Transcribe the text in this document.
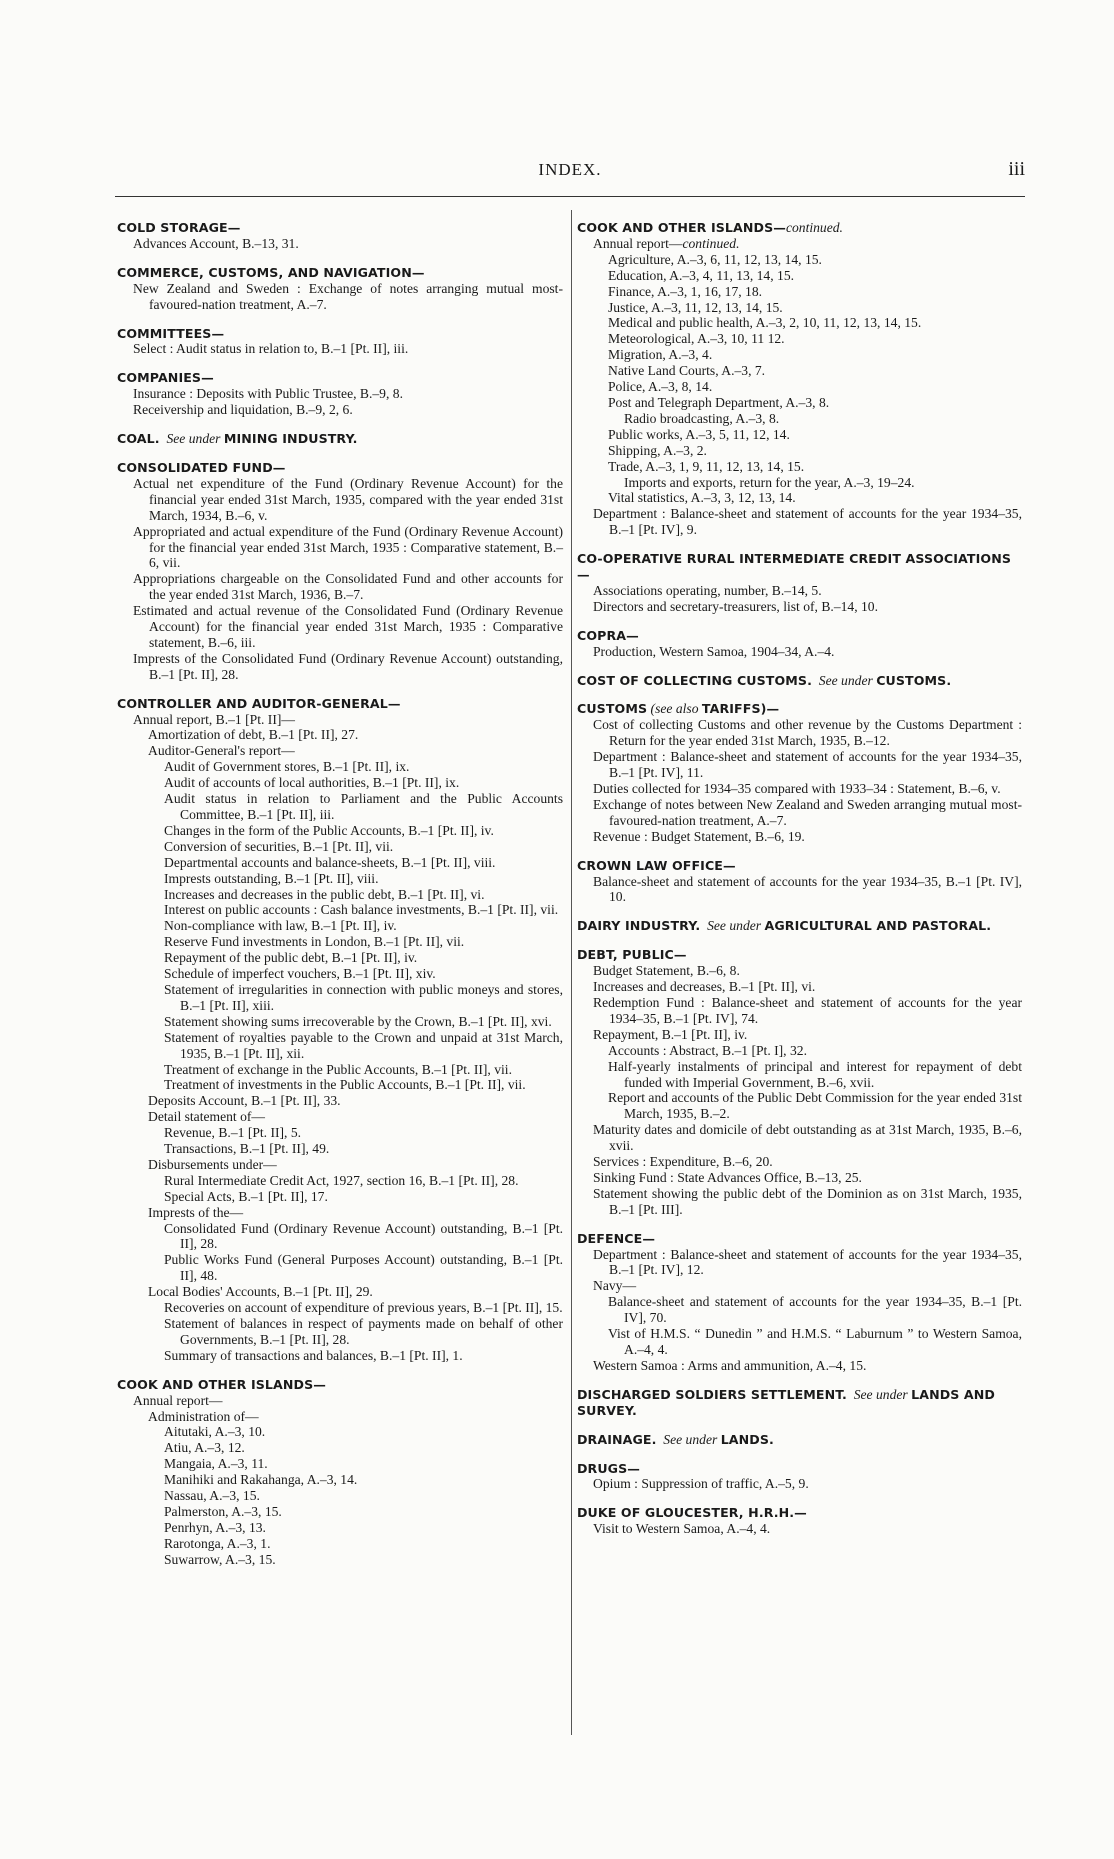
INDEX.	iii
COLD STORAGE—
Advances Account, B.–13, 31.
COMMERCE, CUSTOMS, AND NAVIGATION—
New Zealand and Sweden : Exchange of notes arranging mutual most-favoured-nation treatment, A.–7.
COMMITTEES—
Select : Audit status in relation to, B.–1 [Pt. II], iii.
COMPANIES—
Insurance : Deposits with Public Trustee, B.–9, 8.
Receivership and liquidation, B.–9, 2, 6.
COAL. See under MINING INDUSTRY.
CONSOLIDATED FUND—
Actual net expenditure of the Fund (Ordinary Revenue Account) for the financial year ended 31st March, 1935, compared with the year ended 31st March, 1934, B.–6, v.
Appropriated and actual expenditure of the Fund (Ordinary Revenue Account) for the financial year ended 31st March, 1935 : Comparative statement, B.–6, vii.
Appropriations chargeable on the Consolidated Fund and other accounts for the year ended 31st March, 1936, B.–7.
Estimated and actual revenue of the Consolidated Fund (Ordinary Revenue Account) for the financial year ended 31st March, 1935 : Comparative statement, B.–6, iii.
Imprests of the Consolidated Fund (Ordinary Revenue Account) outstanding, B.–1 [Pt. II], 28.
CONTROLLER AND AUDITOR-GENERAL—
Annual report, B.–1 [Pt. II]—
Amortization of debt, B.–1 [Pt. II], 27.
Auditor-General's report—
Audit of Government stores, B.–1 [Pt. II], ix.
Audit of accounts of local authorities, B.–1 [Pt. II], ix.
Audit status in relation to Parliament and the Public Accounts Committee, B.–1 [Pt. II], iii.
Changes in the form of the Public Accounts, B.–1 [Pt. II], iv.
Conversion of securities, B.–1 [Pt. II], vii.
Departmental accounts and balance-sheets, B.–1 [Pt. II], viii.
Imprests outstanding, B.–1 [Pt. II], viii.
Increases and decreases in the public debt, B.–1 [Pt. II], vi.
Interest on public accounts : Cash balance investments, B.–1 [Pt. II], vii.
Non-compliance with law, B.–1 [Pt. II], iv.
Reserve Fund investments in London, B.–1 [Pt. II], vii.
Repayment of the public debt, B.–1 [Pt. II], iv.
Schedule of imperfect vouchers, B.–1 [Pt. II], xiv.
Statement of irregularities in connection with public moneys and stores, B.–1 [Pt. II], xiii.
Statement showing sums irrecoverable by the Crown, B.–1 [Pt. II], xvi.
Statement of royalties payable to the Crown and unpaid at 31st March, 1935, B.–1 [Pt. II], xii.
Treatment of exchange in the Public Accounts, B.–1 [Pt. II], vii.
Treatment of investments in the Public Accounts, B.–1 [Pt. II], vii.
Deposits Account, B.–1 [Pt. II], 33.
Detail statement of—
Revenue, B.–1 [Pt. II], 5.
Transactions, B.–1 [Pt. II], 49.
Disbursements under—
Rural Intermediate Credit Act, 1927, section 16, B.–1 [Pt. II], 28.
Special Acts, B.–1 [Pt. II], 17.
Imprests of the—
Consolidated Fund (Ordinary Revenue Account) outstanding, B.–1 [Pt. II], 28.
Public Works Fund (General Purposes Account) outstanding, B.–1 [Pt. II], 48.
Local Bodies' Accounts, B.–1 [Pt. II], 29.
Recoveries on account of expenditure of previous years, B.–1 [Pt. II], 15.
Statement of balances in respect of payments made on behalf of other Governments, B.–1 [Pt. II], 28.
Summary of transactions and balances, B.–1 [Pt. II], 1.
COOK AND OTHER ISLANDS—
Annual report—
Administration of—
Aitutaki, A.–3, 10.
Atiu, A.–3, 12.
Mangaia, A.–3, 11.
Manihiki and Rakahanga, A.–3, 14.
Nassau, A.–3, 15.
Palmerston, A.–3, 15.
Penrhyn, A.–3, 13.
Rarotonga, A.–3, 1.
Suwarrow, A.–3, 15.
COOK AND OTHER ISLANDS—continued.
Annual report—continued.
Agriculture, A.–3, 6, 11, 12, 13, 14, 15.
Education, A.–3, 4, 11, 13, 14, 15.
Finance, A.–3, 1, 16, 17, 18.
Justice, A.–3, 11, 12, 13, 14, 15.
Medical and public health, A.–3, 2, 10, 11, 12, 13, 14, 15.
Meteorological, A.–3, 10, 11 12.
Migration, A.–3, 4.
Native Land Courts, A.–3, 7.
Police, A.–3, 8, 14.
Post and Telegraph Department, A.–3, 8.
Radio broadcasting, A.–3, 8.
Public works, A.–3, 5, 11, 12, 14.
Shipping, A.–3, 2.
Trade, A.–3, 1, 9, 11, 12, 13, 14, 15.
Imports and exports, return for the year, A.–3, 19–24.
Vital statistics, A.–3, 3, 12, 13, 14.
Department : Balance-sheet and statement of accounts for the year 1934–35, B.–1 [Pt. IV], 9.
CO-OPERATIVE RURAL INTERMEDIATE CREDIT ASSOCIATIONS—
Associations operating, number, B.–14, 5.
Directors and secretary-treasurers, list of, B.–14, 10.
COPRA—
Production, Western Samoa, 1904–34, A.–4.
COST OF COLLECTING CUSTOMS. See under CUSTOMS.
CUSTOMS (see also TARIFFS)—
Cost of collecting Customs and other revenue by the Customs Department : Return for the year ended 31st March, 1935, B.–12.
Department : Balance-sheet and statement of accounts for the year 1934–35, B.–1 [Pt. IV], 11.
Duties collected for 1934–35 compared with 1933–34 : Statement, B.–6, v.
Exchange of notes between New Zealand and Sweden arranging mutual most-favoured-nation treatment, A.–7.
Revenue : Budget Statement, B.–6, 19.
CROWN LAW OFFICE—
Balance-sheet and statement of accounts for the year 1934–35, B.–1 [Pt. IV], 10.
DAIRY INDUSTRY. See under AGRICULTURAL AND PASTORAL.
DEBT, PUBLIC—
Budget Statement, B.–6, 8.
Increases and decreases, B.–1 [Pt. II], vi.
Redemption Fund : Balance-sheet and statement of accounts for the year 1934–35, B.–1 [Pt. IV], 74.
Repayment, B.–1 [Pt. II], iv.
Accounts : Abstract, B.–1 [Pt. I], 32.
Half-yearly instalments of principal and interest for repayment of debt funded with Imperial Government, B.–6, xvii.
Report and accounts of the Public Debt Commission for the year ended 31st March, 1935, B.–2.
Maturity dates and domicile of debt outstanding as at 31st March, 1935, B.–6, xvii.
Services : Expenditure, B.–6, 20.
Sinking Fund : State Advances Office, B.–13, 25.
Statement showing the public debt of the Dominion as on 31st March, 1935, B.–1 [Pt. III].
DEFENCE—
Department : Balance-sheet and statement of accounts for the year 1934–35, B.–1 [Pt. IV], 12.
Navy—
Balance-sheet and statement of accounts for the year 1934–35, B.–1 [Pt. IV], 70.
Vist of H.M.S. “ Dunedin ” and H.M.S. “ Laburnum ” to Western Samoa, A.–4, 4.
Western Samoa : Arms and ammunition, A.–4, 15.
DISCHARGED SOLDIERS SETTLEMENT. See under LANDS AND SURVEY.
DRAINAGE. See under LANDS.
DRUGS—
Opium : Suppression of traffic, A.–5, 9.
DUKE OF GLOUCESTER, H.R.H.—
Visit to Western Samoa, A.–4, 4.
